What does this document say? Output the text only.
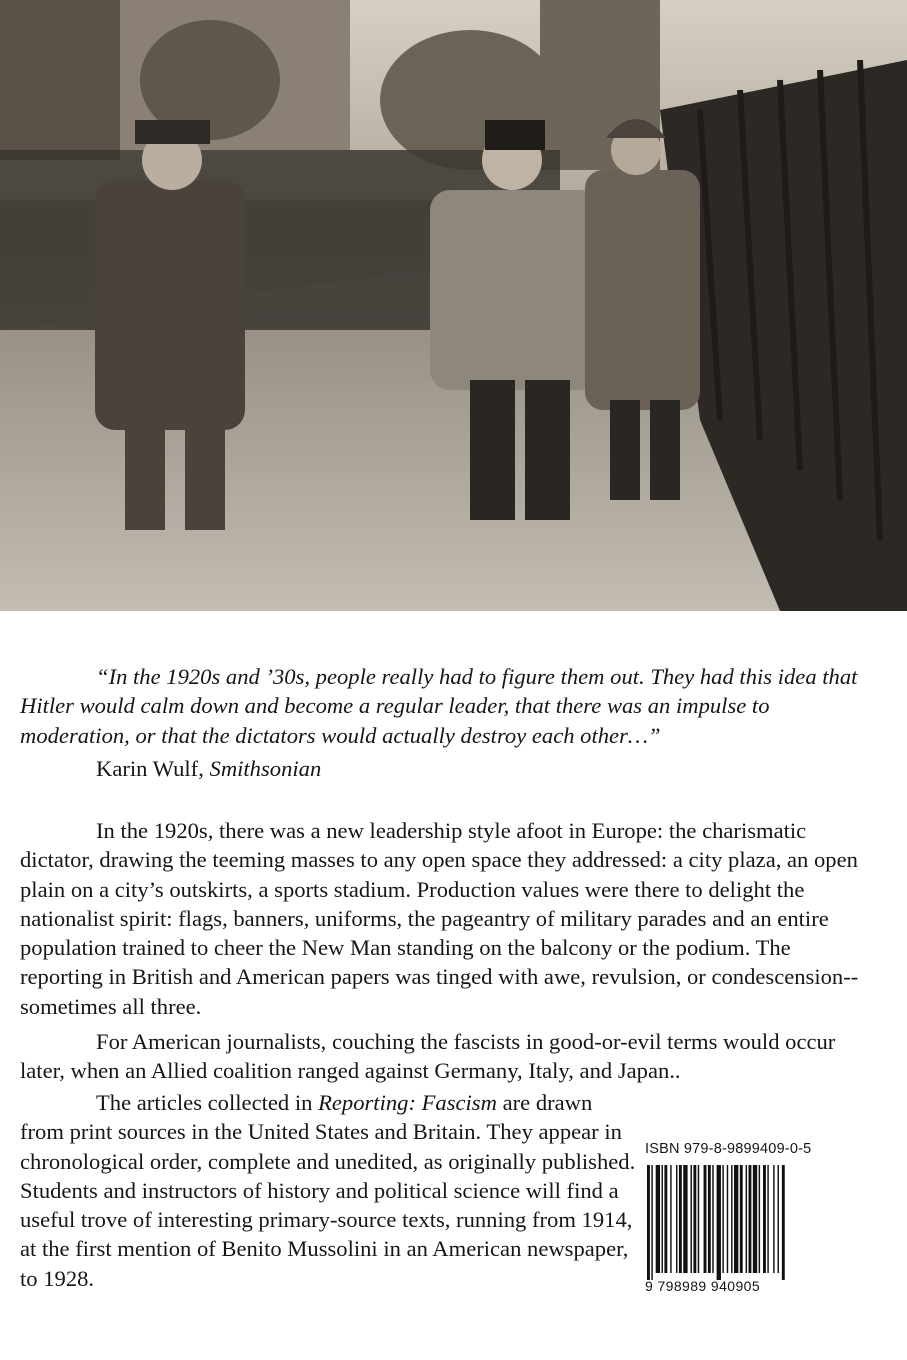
“In the 1920s and ’30s, people really had to figure them out. They had this idea that Hitler would calm down and become a regular leader, that there was an impulse to moderation, or that the dictators would actually destroy each other…”

Karin Wulf, Smithsonian

In the 1920s, there was a new leadership style afoot in Europe: the charismatic dictator, drawing the teeming masses to any open space they addressed: a city plaza, an open plain on a city’s outskirts, a sports stadium. Production values were there to delight the nationalist spirit: flags, banners, uniforms, the pageantry of military parades and an entire population trained to cheer the New Man standing on the balcony or the podium. The reporting in British and American papers was tinged with awe, revulsion, or condescension--sometimes all three.

For American journalists, couching the fascists in good-or-evil terms would occur later, when an Allied coalition ranged against Germany, Italy, and Japan..

The articles collected in Reporting: Fascism are drawn from print sources in the United States and Britain. They appear in chronological order, complete and unedited, as originally published. Students and instructors of history and political science will find a useful trove of interesting primary-source texts, running from 1914, at the first mention of Benito Mussolini in an American newspaper, to 1928.

ISBN 979-8-9899409-0-5
9 798989 940905
